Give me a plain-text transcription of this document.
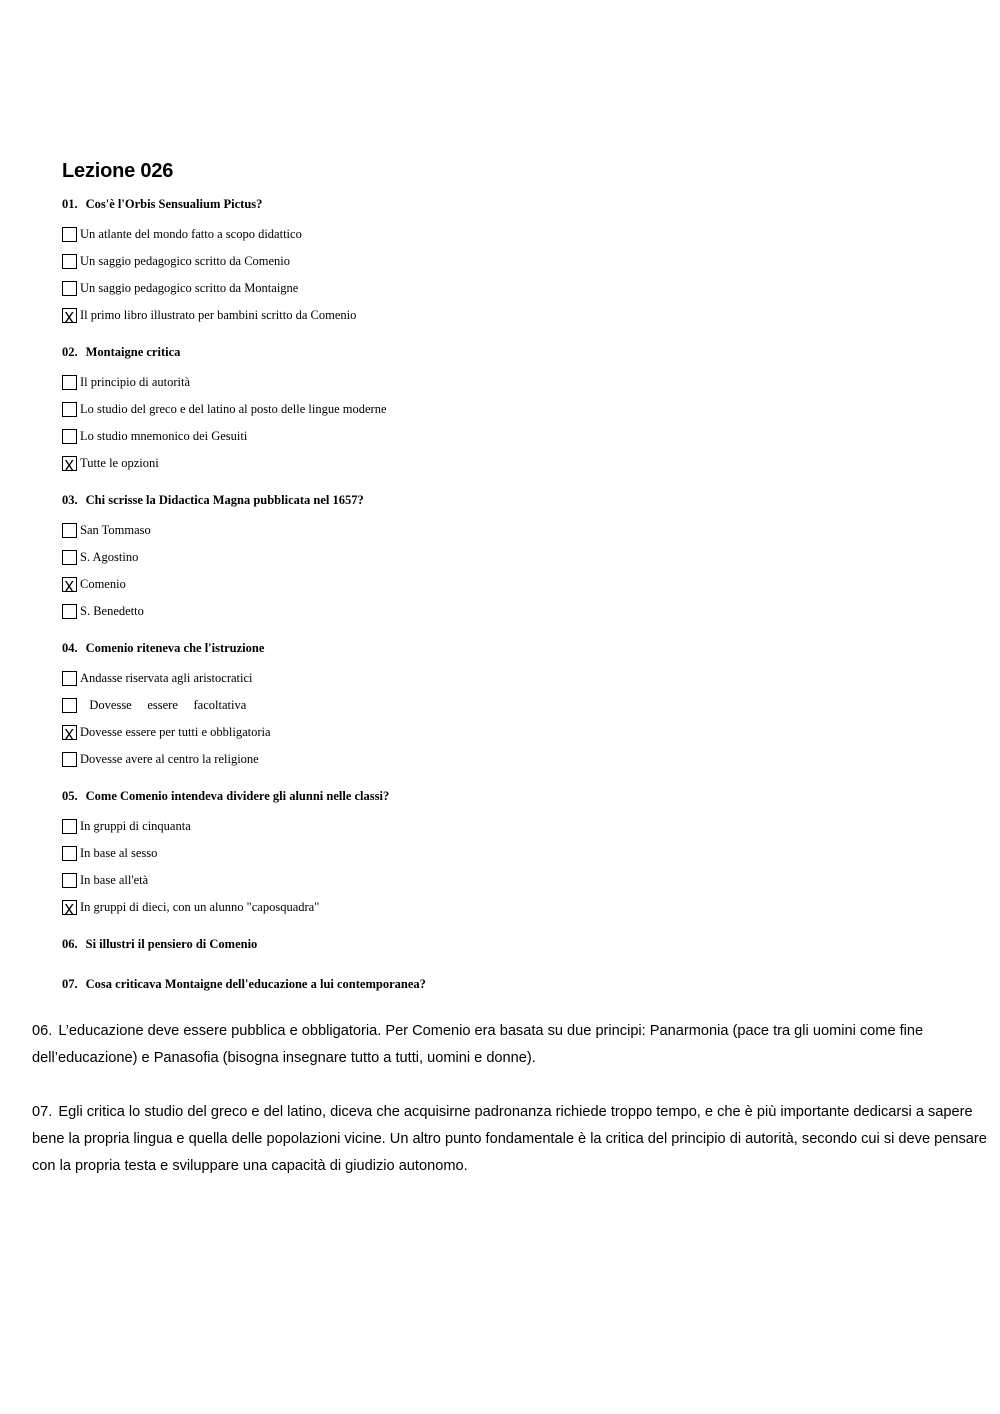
Lezione 026
01. Cos'è l'Orbis Sensualium Pictus?
Un atlante del mondo fatto a scopo didattico
Un saggio pedagogico scritto da Comenio
Un saggio pedagogico scritto da Montaigne
X Il primo libro illustrato per bambini scritto da Comenio
02. Montaigne critica
Il principio di autorità
Lo studio del greco e del latino al posto delle lingue moderne
Lo studio mnemonico dei Gesuiti
X Tutte le opzioni
03. Chi scrisse la Didactica Magna pubblicata nel 1657?
San Tommaso
S. Agostino
X Comenio
S. Benedetto
04. Comenio riteneva che l'istruzione
Andasse riservata agli aristocratici
Dovesse     essere     facoltativa
X Dovesse essere per tutti e obbligatoria
Dovesse avere al centro la religione
05. Come Comenio intendeva dividere gli alunni nelle classi?
In gruppi di cinquanta
In base al sesso
In base all'età
X In gruppi di dieci, con un alunno "caposquadra"
06. Si illustri il pensiero di Comenio
07. Cosa criticava Montaigne dell'educazione a lui contemporanea?

06. L’educazione deve essere pubblica e obbligatoria. Per Comenio era basata su due principi: Panarmonia (pace tra gli uomini come fine dell’educazione) e Panasofia (bisogna insegnare tutto a tutti, uomini e donne).

07. Egli critica lo studio del greco e del latino, diceva che acquisirne padronanza richiede troppo tempo, e che è più importante dedicarsi a sapere bene la propria lingua e quella delle popolazioni vicine. Un altro punto fondamentale è la critica del principio di autorità, secondo cui si deve pensare con la propria testa e sviluppare una capacità di giudizio autonomo.
